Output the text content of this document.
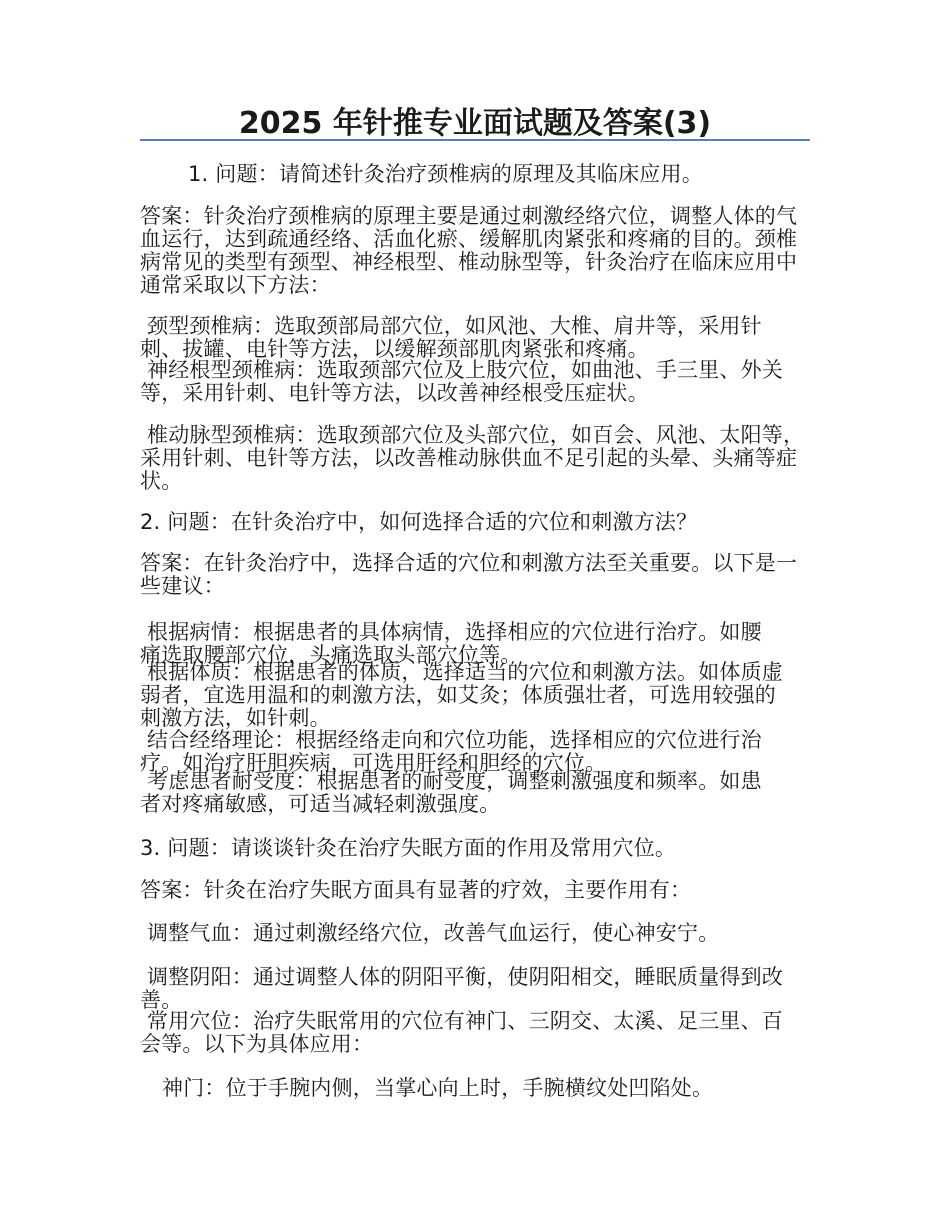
2025 年针推专业面试题及答案(3)

1. 问题：请简述针灸治疗颈椎病的原理及其临床应用。

答案：针灸治疗颈椎病的原理主要是通过刺激经络穴位，调整人体的气血运行，达到疏通经络、活血化瘀、缓解肌肉紧张和疼痛的目的。颈椎病常见的类型有颈型、神经根型、椎动脉型等，针灸治疗在临床应用中通常采取以下方法：

颈型颈椎病：选取颈部局部穴位，如风池、大椎、肩井等，采用针刺、拔罐、电针等方法，以缓解颈部肌肉紧张和疼痛。

神经根型颈椎病：选取颈部穴位及上肢穴位，如曲池、手三里、外关等，采用针刺、电针等方法，以改善神经根受压症状。

椎动脉型颈椎病：选取颈部穴位及头部穴位，如百会、风池、太阳等，采用针刺、电针等方法，以改善椎动脉供血不足引起的头晕、头痛等症状。

2. 问题：在针灸治疗中，如何选择合适的穴位和刺激方法？

答案：在针灸治疗中，选择合适的穴位和刺激方法至关重要。以下是一些建议：

根据病情：根据患者的具体病情，选择相应的穴位进行治疗。如腰痛选取腰部穴位，头痛选取头部穴位等。

根据体质：根据患者的体质，选择适当的穴位和刺激方法。如体质虚弱者，宜选用温和的刺激方法，如艾灸；体质强壮者，可选用较强的刺激方法，如针刺。

结合经络理论：根据经络走向和穴位功能，选择相应的穴位进行治疗。如治疗肝胆疾病，可选用肝经和胆经的穴位。

考虑患者耐受度：根据患者的耐受度，调整刺激强度和频率。如患者对疼痛敏感，可适当减轻刺激强度。

3. 问题：请谈谈针灸在治疗失眠方面的作用及常用穴位。

答案：针灸在治疗失眠方面具有显著的疗效，主要作用有：

调整气血：通过刺激经络穴位，改善气血运行，使心神安宁。

调整阴阳：通过调整人体的阴阳平衡，使阴阳相交，睡眠质量得到改善。

常用穴位：治疗失眠常用的穴位有神门、三阴交、太溪、足三里、百会等。以下为具体应用：

神门：位于手腕内侧，当掌心向上时，手腕横纹处凹陷处。
